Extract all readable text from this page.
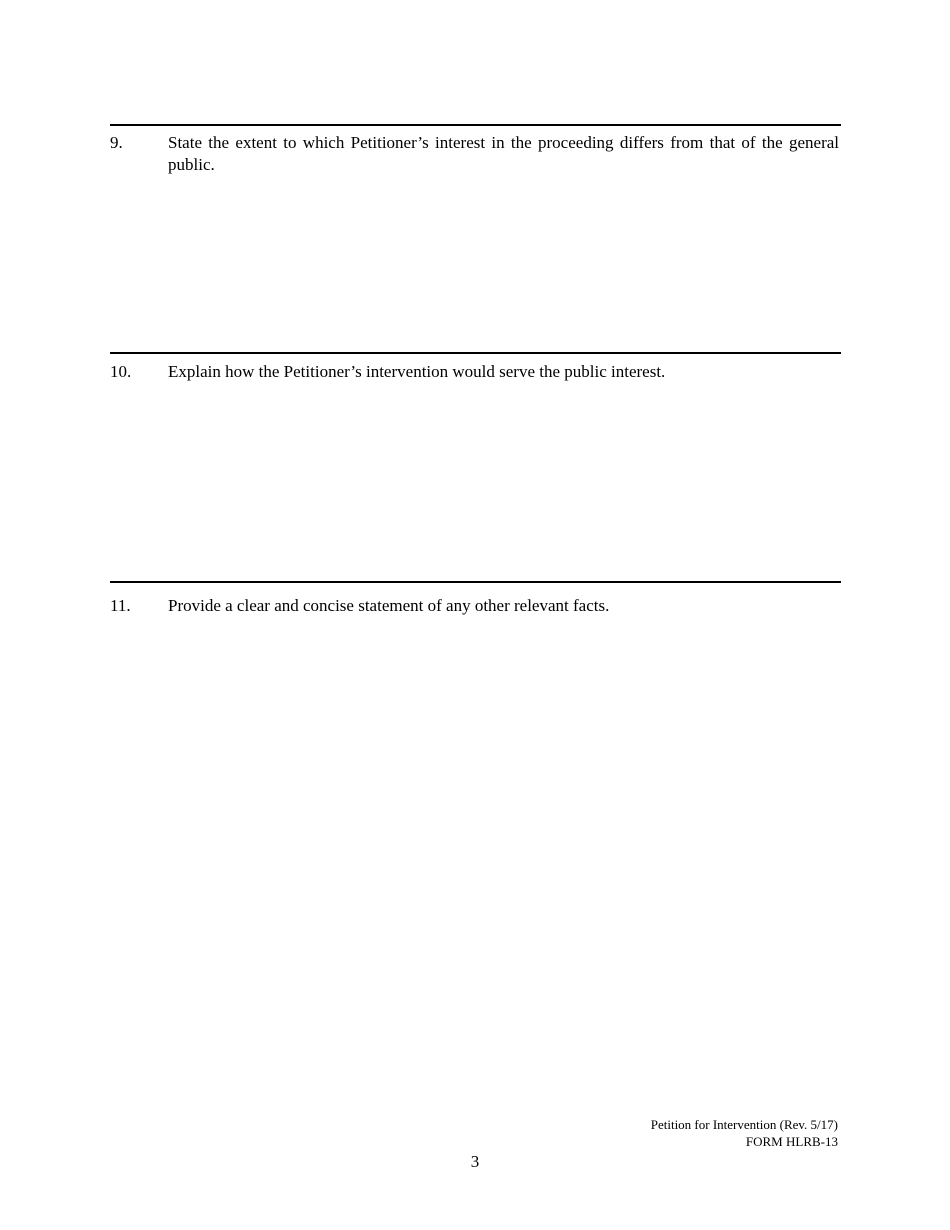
9.	State the extent to which Petitioner’s interest in the proceeding differs from that of the general public.
10. Explain how the Petitioner’s intervention would serve the public interest.
11. Provide a clear and concise statement of any other relevant facts.
Petition for Intervention (Rev. 5/17)
FORM HLRB-13
3
